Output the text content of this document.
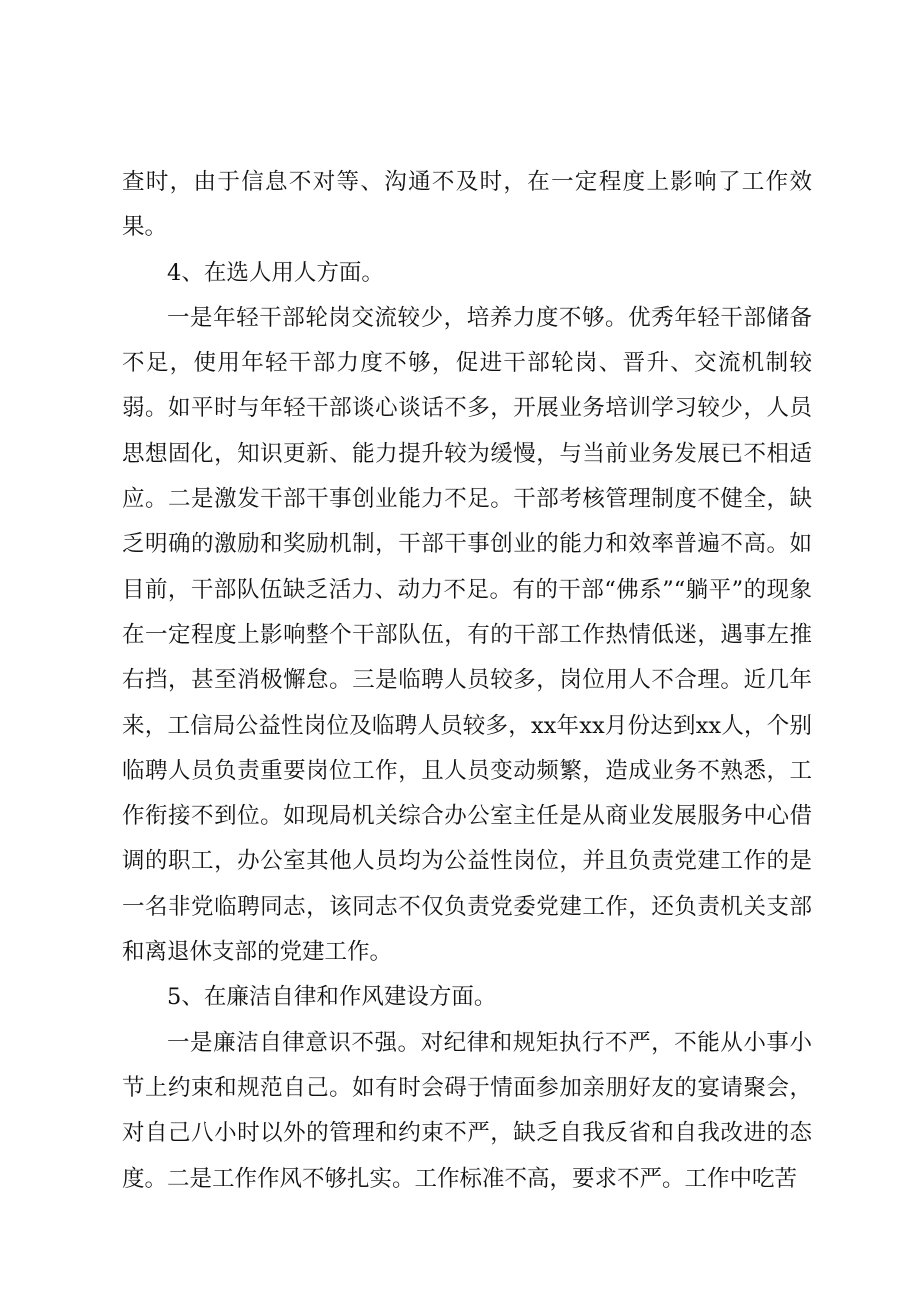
查时，由于信息不对等、沟通不及时，在一定程度上影响了工作效果。

4、在选人用人方面。

一是年轻干部轮岗交流较少，培养力度不够。优秀年轻干部储备不足，使用年轻干部力度不够，促进干部轮岗、晋升、交流机制较弱。如平时与年轻干部谈心谈话不多，开展业务培训学习较少，人员思想固化，知识更新、能力提升较为缓慢，与当前业务发展已不相适应。二是激发干部干事创业能力不足。干部考核管理制度不健全，缺乏明确的激励和奖励机制，干部干事创业的能力和效率普遍不高。如目前，干部队伍缺乏活力、动力不足。有的干部“佛系”“躺平”的现象在一定程度上影响整个干部队伍，有的干部工作热情低迷，遇事左推右挡，甚至消极懈怠。三是临聘人员较多，岗位用人不合理。近几年来，工信局公益性岗位及临聘人员较多，xx年xx月份达到xx人，个别临聘人员负责重要岗位工作，且人员变动频繁，造成业务不熟悉，工作衔接不到位。如现局机关综合办公室主任是从商业发展服务中心借调的职工，办公室其他人员均为公益性岗位，并且负责党建工作的是一名非党临聘同志，该同志不仅负责党委党建工作，还负责机关支部和离退休支部的党建工作。

5、在廉洁自律和作风建设方面。

一是廉洁自律意识不强。对纪律和规矩执行不严，不能从小事小节上约束和规范自己。如有时会碍于情面参加亲朋好友的宴请聚会，对自己八小时以外的管理和约束不严，缺乏自我反省和自我改进的态度。二是工作作风不够扎实。工作标准不高，要求不严。工作中吃苦
